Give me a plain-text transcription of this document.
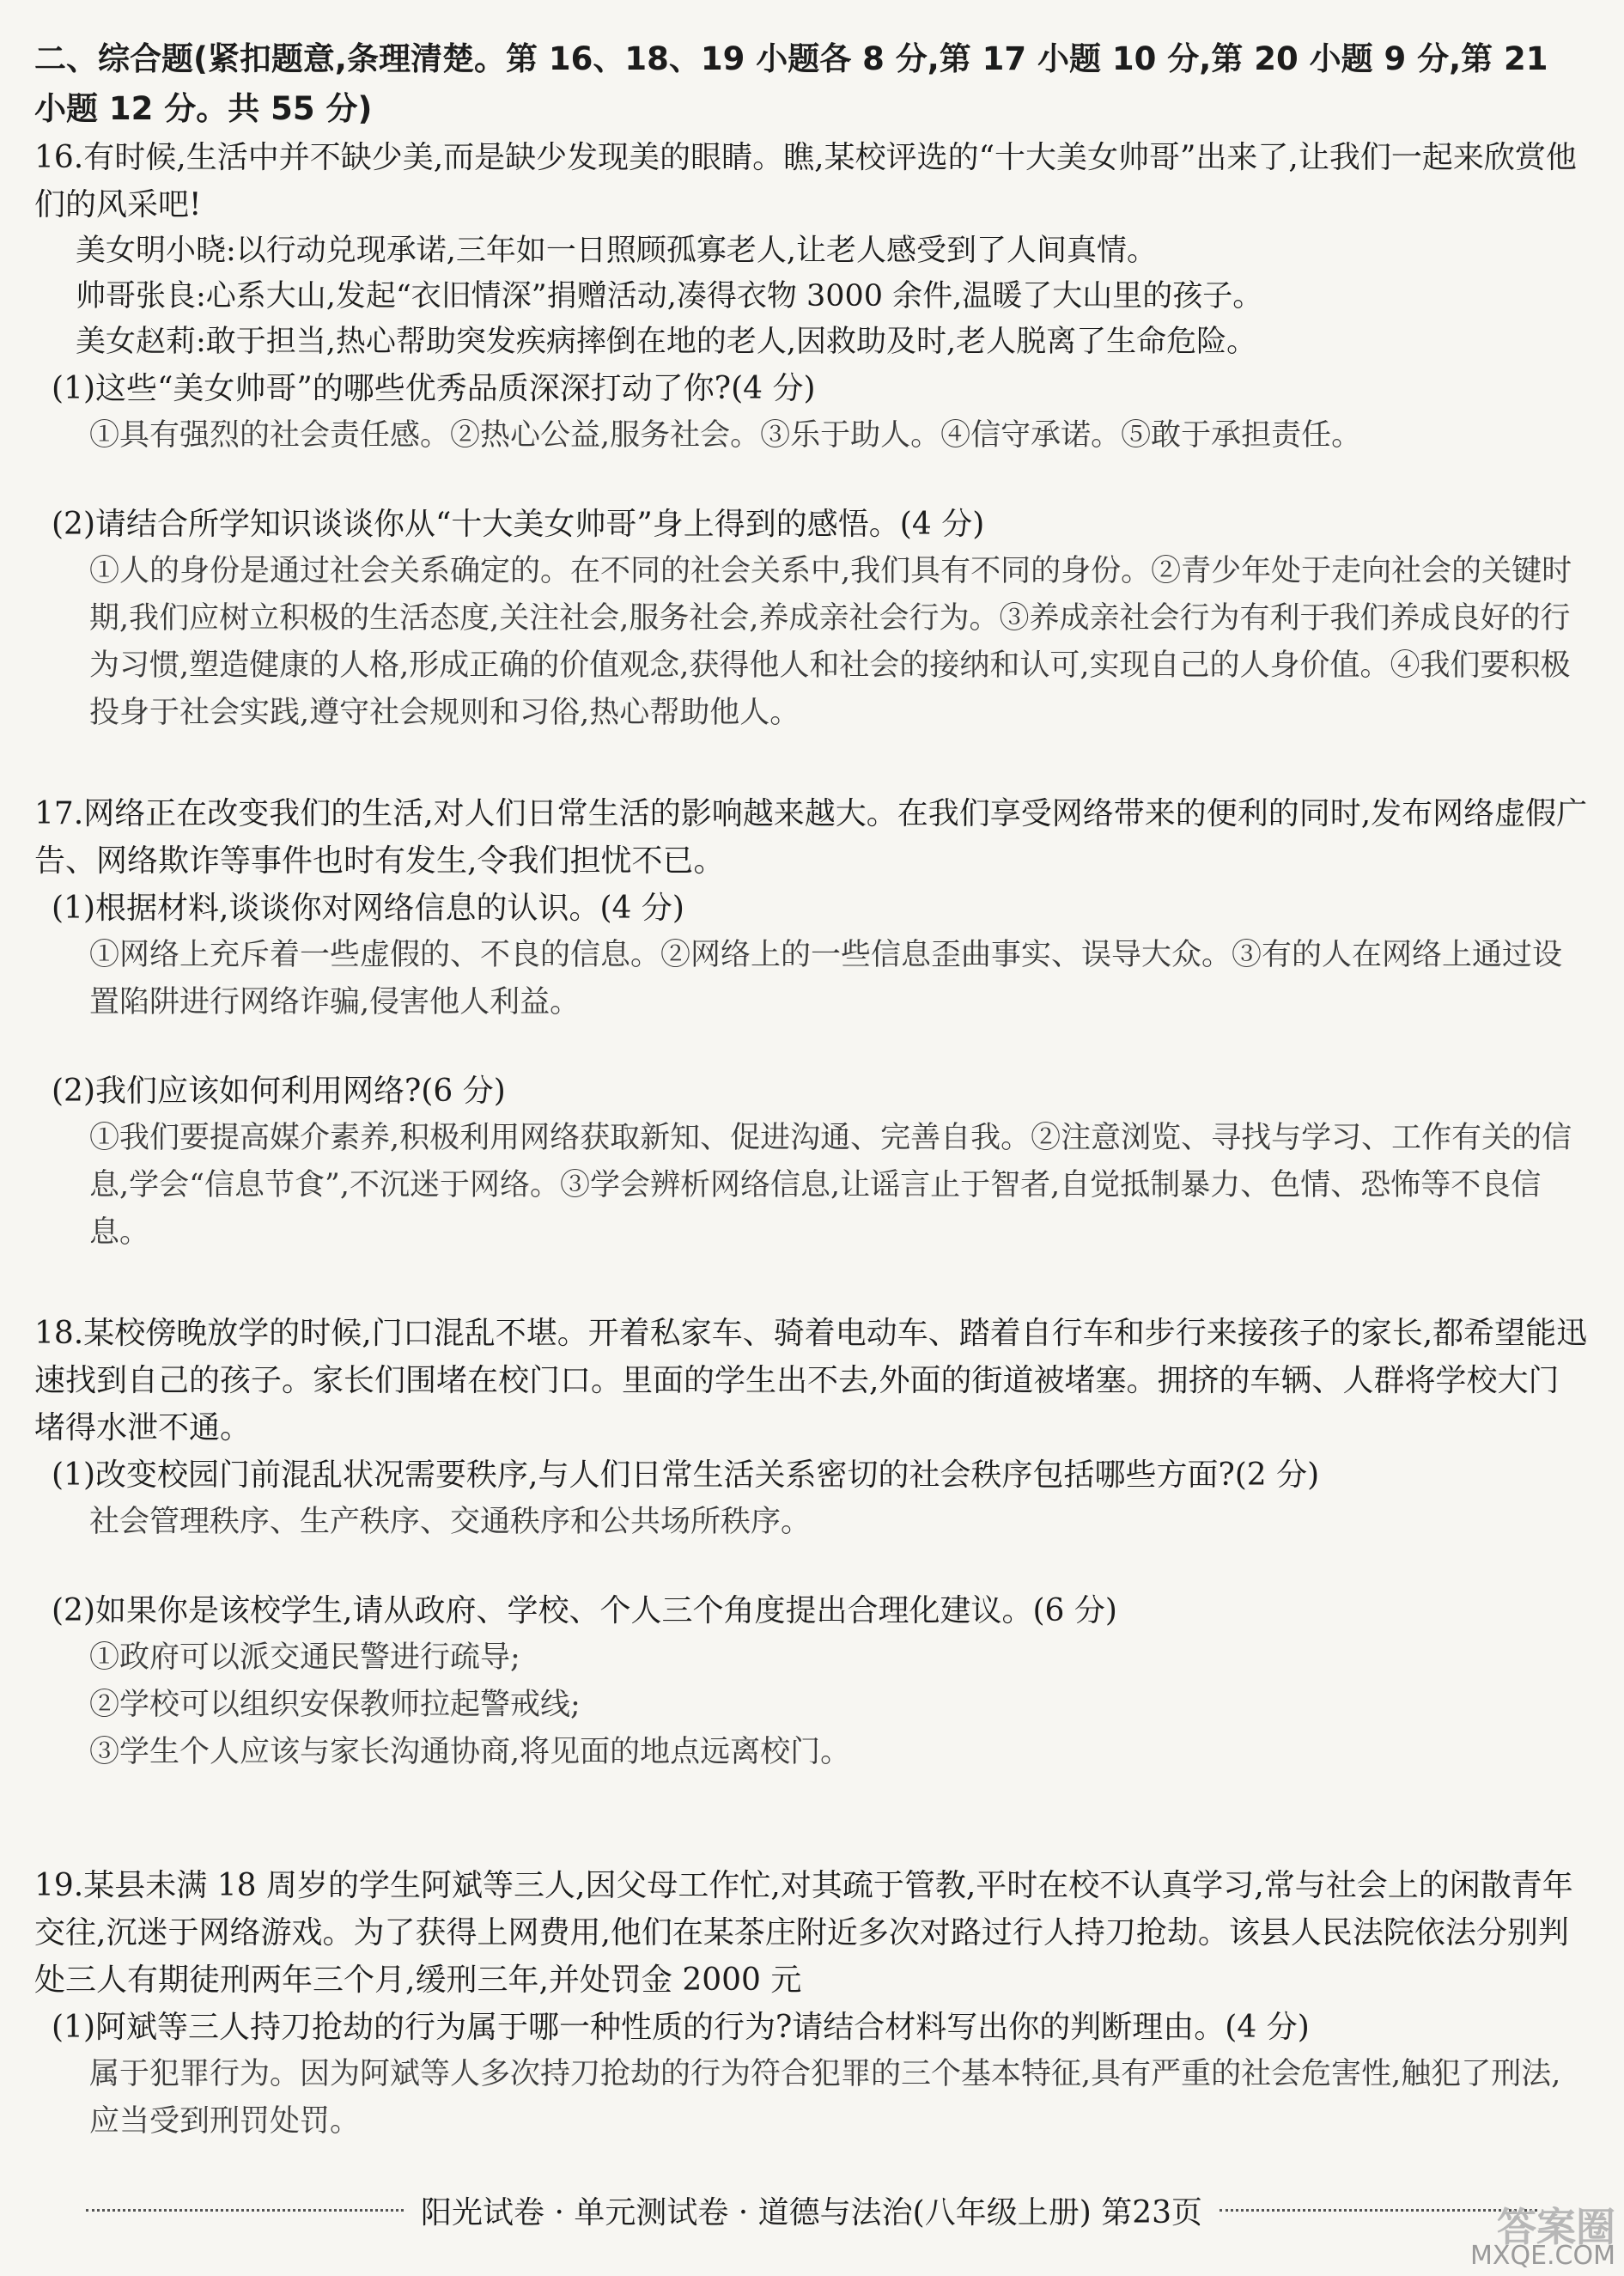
二、综合题(紧扣题意,条理清楚。第 16、18、19 小题各 8 分,第 17 小题 10 分,第 20 小题 9 分,第 21 小题 12 分。共 55 分)

16.有时候,生活中并不缺少美,而是缺少发现美的眼睛。瞧,某校评选的“十大美女帅哥”出来了,让我们一起来欣赏他们的风采吧!

美女明小晓:以行动兑现承诺,三年如一日照顾孤寡老人,让老人感受到了人间真情。

帅哥张良:心系大山,发起“衣旧情深”捐赠活动,凑得衣物 3000 余件,温暖了大山里的孩子。

美女赵莉:敢于担当,热心帮助突发疾病摔倒在地的老人,因救助及时,老人脱离了生命危险。

(1)这些“美女帅哥”的哪些优秀品质深深打动了你?(4 分)

①具有强烈的社会责任感。②热心公益,服务社会。③乐于助人。④信守承诺。⑤敢于承担责任。

(2)请结合所学知识谈谈你从“十大美女帅哥”身上得到的感悟。(4 分)

①人的身份是通过社会关系确定的。在不同的社会关系中,我们具有不同的身份。②青少年处于走向社会的关键时期,我们应树立积极的生活态度,关注社会,服务社会,养成亲社会行为。③养成亲社会行为有利于我们养成良好的行为习惯,塑造健康的人格,形成正确的价值观念,获得他人和社会的接纳和认可,实现自己的人身价值。④我们要积极投身于社会实践,遵守社会规则和习俗,热心帮助他人。

17.网络正在改变我们的生活,对人们日常生活的影响越来越大。在我们享受网络带来的便利的同时,发布网络虚假广告、网络欺诈等事件也时有发生,令我们担忧不已。

(1)根据材料,谈谈你对网络信息的认识。(4 分)

①网络上充斥着一些虚假的、不良的信息。②网络上的一些信息歪曲事实、误导大众。③有的人在网络上通过设置陷阱进行网络诈骗,侵害他人利益。

(2)我们应该如何利用网络?(6 分)

①我们要提高媒介素养,积极利用网络获取新知、促进沟通、完善自我。②注意浏览、寻找与学习、工作有关的信息,学会“信息节食”,不沉迷于网络。③学会辨析网络信息,让谣言止于智者,自觉抵制暴力、色情、恐怖等不良信息。

18.某校傍晚放学的时候,门口混乱不堪。开着私家车、骑着电动车、踏着自行车和步行来接孩子的家长,都希望能迅速找到自己的孩子。家长们围堵在校门口。里面的学生出不去,外面的街道被堵塞。拥挤的车辆、人群将学校大门堵得水泄不通。

(1)改变校园门前混乱状况需要秩序,与人们日常生活关系密切的社会秩序包括哪些方面?(2 分)

社会管理秩序、生产秩序、交通秩序和公共场所秩序。

(2)如果你是该校学生,请从政府、学校、个人三个角度提出合理化建议。(6 分)

①政府可以派交通民警进行疏导;

②学校可以组织安保教师拉起警戒线;

③学生个人应该与家长沟通协商,将见面的地点远离校门。

19.某县未满 18 周岁的学生阿斌等三人,因父母工作忙,对其疏于管教,平时在校不认真学习,常与社会上的闲散青年交往,沉迷于网络游戏。为了获得上网费用,他们在某茶庄附近多次对路过行人持刀抢劫。该县人民法院依法分别判处三人有期徒刑两年三个月,缓刑三年,并处罚金 2000 元

(1)阿斌等三人持刀抢劫的行为属于哪一种性质的行为?请结合材料写出你的判断理由。(4 分)

属于犯罪行为。因为阿斌等人多次持刀抢劫的行为符合犯罪的三个基本特征,具有严重的社会危害性,触犯了刑法,应当受到刑罚处罚。

阳光试卷 · 单元测试卷 · 道德与法治(八年级上册) 第23页	答案圈
MXQE.COM
